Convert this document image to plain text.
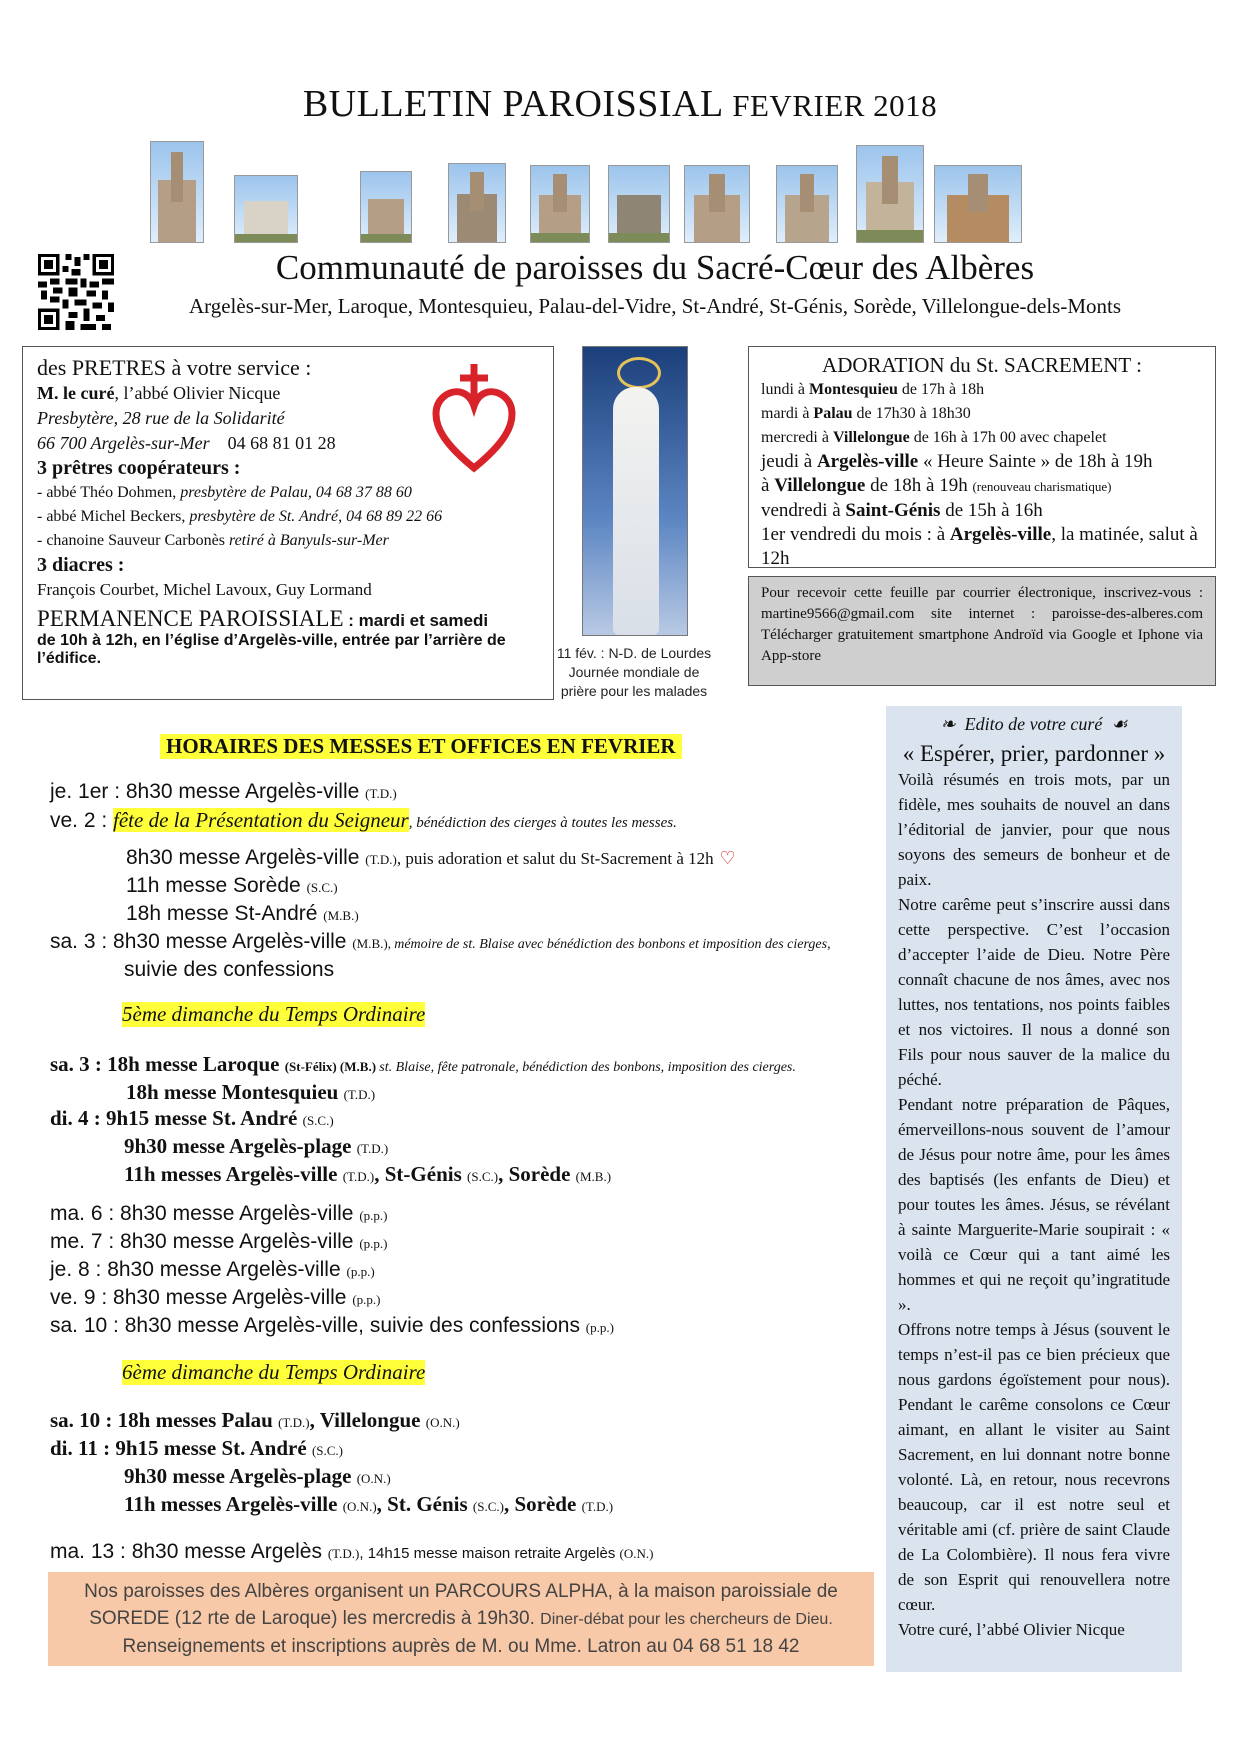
BULLETIN PAROISSIAL FEVRIER 2018
Communauté de paroisses du Sacré-Cœur des Albères
Argelès-sur-Mer, Laroque, Montesquieu, Palau-del-Vidre, St-André, St-Génis, Sorède, Villelongue-dels-Monts
des PRETRES à votre service :
M. le curé, l’abbé Olivier Nicque
Presbytère, 28 rue de la Solidarité
66 700 Argelès-sur-Mer 04 68 81 01 28
3 prêtres coopérateurs :
- abbé Théo Dohmen, presbytère de Palau, 04 68 37 88 60
- abbé Michel Beckers, presbytère de St. André, 04 68 89 22 66
- chanoine Sauveur Carbonès retiré à Banyuls-sur-Mer
3 diacres :
François Courbet, Michel Lavoux, Guy Lormand
PERMANENCE PAROISSIALE : mardi et samedi
de 10h à 12h, en l’église d’Argelès-ville, entrée par l’arrière de l’édifice.	11 fév. : N-D. de Lourdes
Journée mondiale de
prière pour les malades
ADORATION du St. SACREMENT :
lundi à Montesquieu de 17h à 18h
mardi à Palau de 17h30 à 18h30
mercredi à Villelongue de 16h à 17h 00 avec chapelet
jeudi à Argelès-ville « Heure Sainte » de 18h à 19h
à Villelongue de 18h à 19h (renouveau charismatique)
vendredi à Saint-Génis de 15h à 16h
1er vendredi du mois : à Argelès-ville, la matinée, salut à 12h
Pour recevoir cette feuille par courrier électronique, inscrivez-vous : martine9566@gmail.com site internet : paroisse-des-alberes.com Télécharger gratuitement smartphone Androïd via Google et Iphone via App-store
HORAIRES DES MESSES ET OFFICES EN FEVRIER
je. 1er : 8h30 messe Argelès-ville (T.D.)
ve. 2 : fête de la Présentation du Seigneur, bénédiction des cierges à toutes les messes.
8h30 messe Argelès-ville (T.D.), puis adoration et salut du St-Sacrement à 12h ♡
11h messe Sorède (S.C.)
18h messe St-André (M.B.)
sa. 3 : 8h30 messe Argelès-ville (M.B.), mémoire de st. Blaise avec bénédiction des bonbons et imposition des cierges,
suivie des confessions
5ème dimanche du Temps Ordinaire
sa. 3 : 18h messe Laroque (St-Félix) (M.B.) st. Blaise, fête patronale, bénédiction des bonbons, imposition des cierges.
18h messe Montesquieu (T.D.)
di. 4 : 9h15 messe St. André (S.C.)
9h30 messe Argelès-plage (T.D.)
11h messes Argelès-ville (T.D.), St-Génis (S.C.), Sorède (M.B.)
ma. 6 : 8h30 messe Argelès-ville (p.p.)
me. 7 : 8h30 messe Argelès-ville (p.p.)
je. 8 : 8h30 messe Argelès-ville (p.p.)
ve. 9 : 8h30 messe Argelès-ville (p.p.)
sa. 10 : 8h30 messe Argelès-ville, suivie des confessions (p.p.)
6ème dimanche du Temps Ordinaire
sa. 10 : 18h messes Palau (T.D.), Villelongue (O.N.)
di. 11 : 9h15 messe St. André (S.C.)
9h30 messe Argelès-plage (O.N.)
11h messes Argelès-ville (O.N.), St. Génis (S.C.), Sorède (T.D.)
ma. 13 : 8h30 messe Argelès (T.D.), 14h15 messe maison retraite Argelès (O.N.)
Nos paroisses des Albères organisent un PARCOURS ALPHA, à la maison paroissiale de
SOREDE (12 rte de Laroque) les mercredis à 19h30. Diner-débat pour les chercheurs de Dieu.
Renseignements et inscriptions auprès de M. ou Mme. Latron au 04 68 51 18 42
❧ Edito de votre curé ☙
« Espérer, prier, pardonner »
Voilà résumés en trois mots, par un fidèle, mes souhaits de nouvel an dans l’éditorial de janvier, pour que nous soyons des semeurs de bonheur et de paix.
Notre carême peut s’inscrire aussi dans cette perspective. C’est l’occasion d’accepter l’aide de Dieu. Notre Père connaît chacune de nos âmes, avec nos luttes, nos tentations, nos points faibles et nos victoires. Il nous a donné son Fils pour nous sauver de la malice du péché.
Pendant notre préparation de Pâques, émerveillons-nous souvent de l’amour de Jésus pour notre âme, pour les âmes des baptisés (les enfants de Dieu) et pour toutes les âmes. Jésus, se révélant à sainte Marguerite-Marie soupirait : « voilà ce Cœur qui a tant aimé les hommes et qui ne reçoit qu’ingratitude ».
Offrons notre temps à Jésus (souvent le temps n’est-il pas ce bien précieux que nous gardons égoïstement pour nous). Pendant le carême consolons ce Cœur aimant, en allant le visiter au Saint Sacrement, en lui donnant notre bonne volonté. Là, en retour, nous recevrons beaucoup, car il est notre seul et véritable ami (cf. prière de saint Claude de La Colombière). Il nous fera vivre de son Esprit qui renouvellera notre cœur.
Votre curé, l’abbé Olivier Nicque
